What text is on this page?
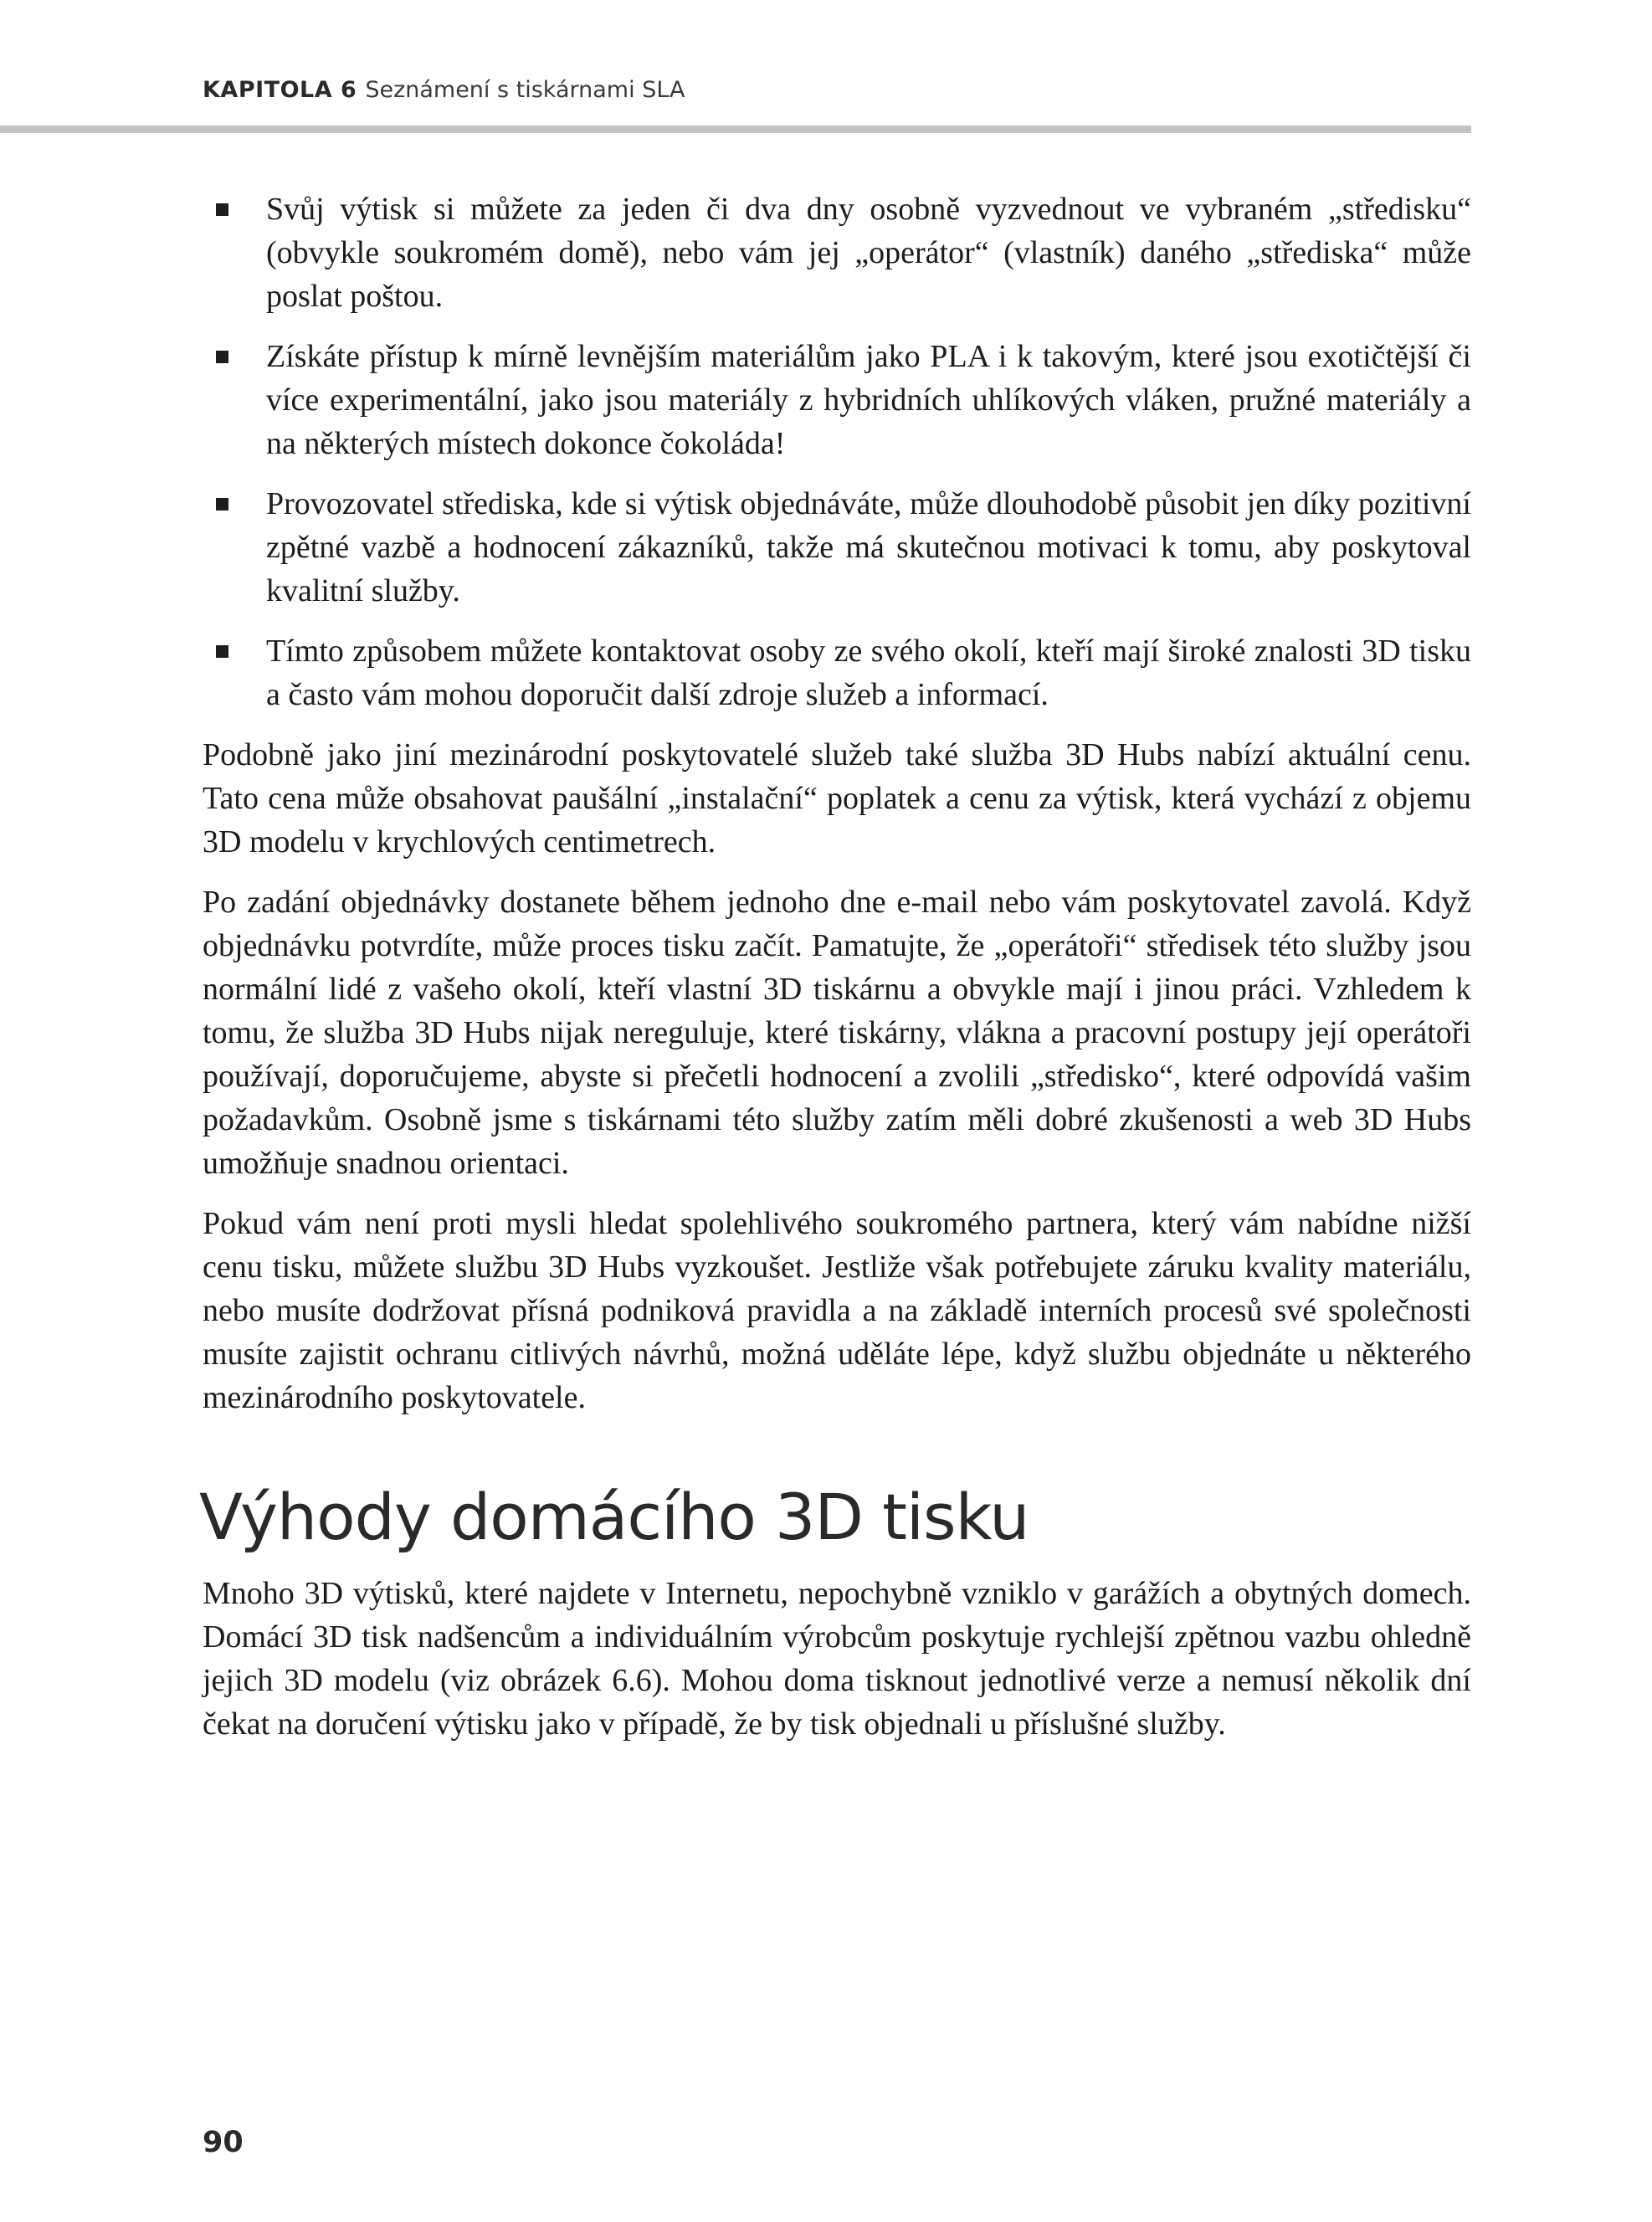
KAPITOLA 6 Seznámení s tiskárnami SLA
Svůj výtisk si můžete za jeden či dva dny osobně vyzvednout ve vybraném „středisku“ (obvykle soukromém domě), nebo vám jej „operátor“ (vlastník) daného „střediska“ může poslat poštou.
Získáte přístup k mírně levnějším materiálům jako PLA i k takovým, které jsou exotičtější či více experimentální, jako jsou materiály z hybridních uhlíkových vláken, pružné materiály a na některých místech dokonce čokoláda!
Provozovatel střediska, kde si výtisk objednáváte, může dlouhodobě působit jen díky pozitivní zpětné vazbě a hodnocení zákazníků, takže má skutečnou motivaci k tomu, aby poskytoval kvalitní služby.
Tímto způsobem můžete kontaktovat osoby ze svého okolí, kteří mají široké znalosti 3D tisku a často vám mohou doporučit další zdroje služeb a informací.

Podobně jako jiní mezinárodní poskytovatelé služeb také služba 3D Hubs nabízí aktuální cenu. Tato cena může obsahovat paušální „instalační“ poplatek a cenu za výtisk, která vychází z objemu 3D modelu v krychlových centimetrech.

Po zadání objednávky dostanete během jednoho dne e-mail nebo vám poskytovatel zavolá. Když objednávku potvrdíte, může proces tisku začít. Pamatujte, že „operátoři“ středisek této služby jsou normální lidé z vašeho okolí, kteří vlastní 3D tiskárnu a obvykle mají i jinou práci. Vzhledem k tomu, že služba 3D Hubs nijak nereguluje, které tiskárny, vlákna a pracovní postupy její operátoři používají, doporučujeme, abyste si přečetli hodnocení a zvolili „středisko“, které odpovídá vašim požadavkům. Osobně jsme s tiskárnami této služby zatím měli dobré zkušenosti a web 3D Hubs umožňuje snadnou orientaci.

Pokud vám není proti mysli hledat spolehlivého soukromého partnera, který vám nabídne nižší cenu tisku, můžete službu 3D Hubs vyzkoušet. Jestliže však potřebujete záruku kvality materiálu, nebo musíte dodržovat přísná podniková pravidla a na základě interních procesů své společnosti musíte zajistit ochranu citlivých návrhů, možná uděláte lépe, když službu objednáte u některého mezinárodního poskytovatele.

Výhody domácího 3D tisku

Mnoho 3D výtisků, které najdete v Internetu, nepochybně vzniklo v garážích a obytných domech. Domácí 3D tisk nadšencům a individuálním výrobcům poskytuje rychlejší zpětnou vazbu ohledně jejich 3D modelu (viz obrázek 6.6). Mohou doma tisknout jednotlivé verze a nemusí několik dní čekat na doručení výtisku jako v případě, že by tisk objednali u příslušné služby.

90
